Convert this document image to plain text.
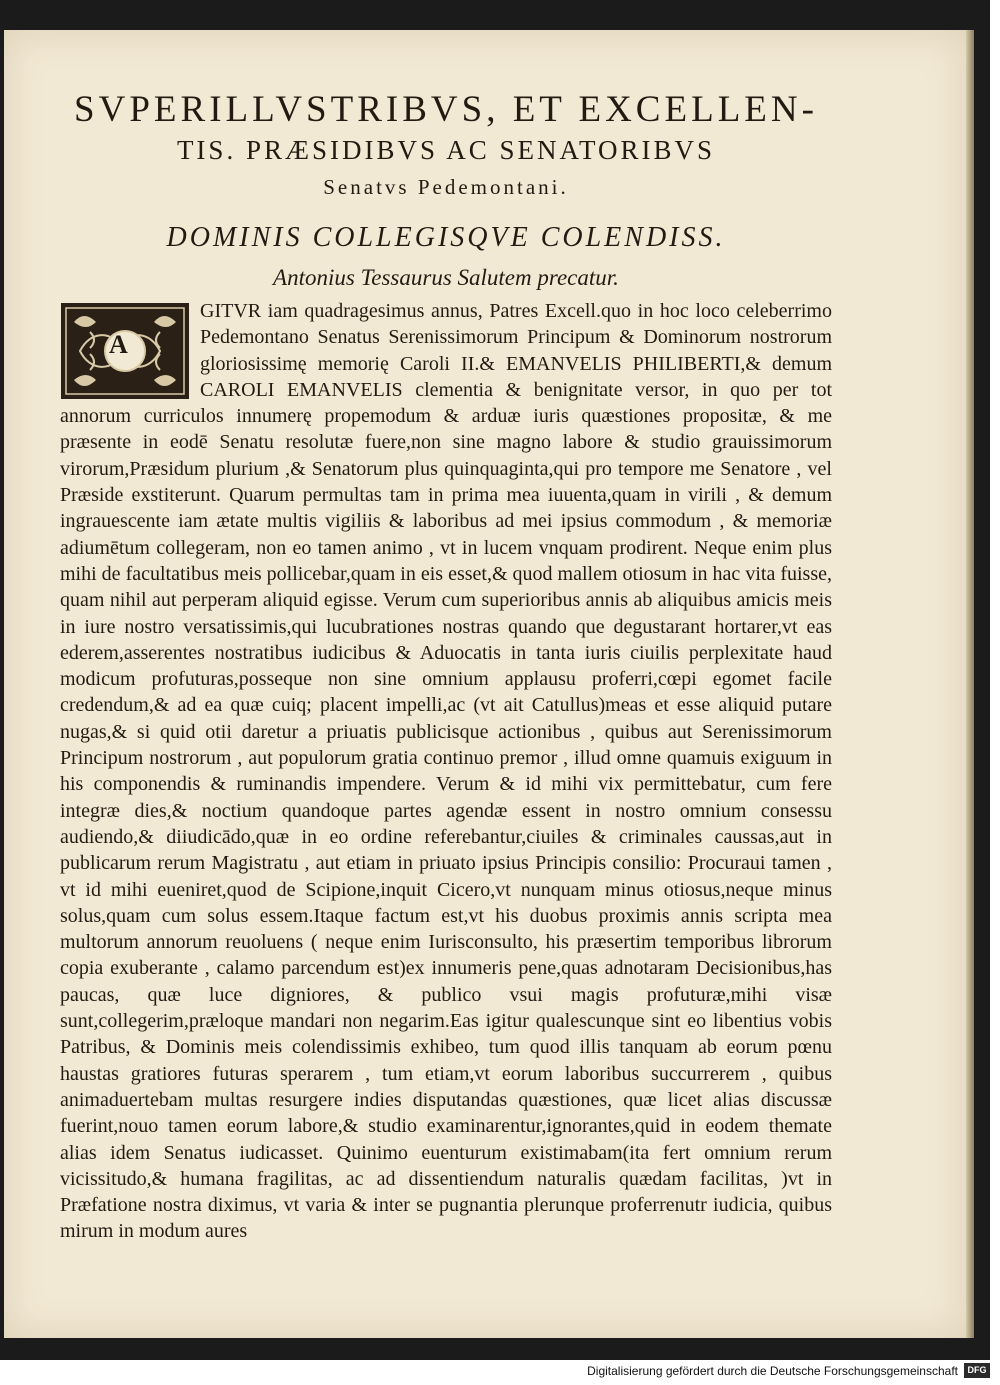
SVPERILLVSTRIBVS, ET EXCELLEN-

TIS. PRÆSIDIBVS AC SENATORIBVS

Senatvs Pedemontani.

DOMINIS COLLEGISQVE COLENDISS.

Antonius Tessaurus Salutem precatur.

A
GITVR iam quadragesimus annus, Patres Excell.quo in hoc loco celeberrimo Pedemontano Senatus Serenissimorum Principum & Dominorum nostrorum gloriosissimę memorię Caroli II.& EMANVELIS PHILIBERTI,& demum CAROLI EMANVELIS clementia & benignitate versor, in quo per tot annorum curriculos innumerę propemodum & arduæ iuris quæstiones propositæ, & me præsente in eodē Senatu resolutæ fuere,non sine magno labore & studio grauissimorum virorum,Præsidum plurium ,& Senatorum plus quinquaginta,qui pro tempore me Senatore , vel Præside exstiterunt. Quarum permultas tam in prima mea iuuenta,quam in virili , & demum ingrauescente iam ætate multis vigiliis & laboribus ad mei ipsius commodum , & memoriæ adiumētum collegeram, non eo tamen animo , vt in lucem vnquam prodirent. Neque enim plus mihi de facultatibus meis pollicebar,quam in eis esset,& quod mallem otiosum in hac vita fuisse, quam nihil aut perperam aliquid egisse. Verum cum superioribus annis ab aliquibus amicis meis in iure nostro versatissimis,qui lucubrationes nostras quando que degustarant hortarer,vt eas ederem,asserentes nostratibus iudicibus & Aduocatis in tanta iuris ciuilis perplexitate haud modicum profuturas,posseque non sine omnium applausu proferri,cœpi egomet facile credendum,& ad ea quæ cuiq; placent impelli,ac (vt ait Catullus)meas et esse aliquid putare nugas,& si quid otii daretur a priuatis publicisque actionibus , quibus aut Serenissimorum Principum nostrorum , aut populorum gratia continuo premor , illud omne quamuis exiguum in his componendis & ruminandis impendere. Verum & id mihi vix permittebatur, cum fere integræ dies,& noctium quandoque partes agendæ essent in nostro omnium consessu audiendo,& diiudicādo,quæ in eo ordine referebantur,ciuiles & criminales caussas,aut in publicarum rerum Magistratu , aut etiam in priuato ipsius Principis consilio: Procuraui tamen , vt id mihi eueniret,quod de Scipione,inquit Cicero,vt nunquam minus otiosus,neque minus solus,quam cum solus essem.Itaque factum est,vt his duobus proximis annis scripta mea multorum annorum reuoluens ( neque enim Iurisconsulto, his præsertim temporibus librorum copia exuberante , calamo parcendum est)ex innumeris pene,quas adnotaram Decisionibus,has paucas, quæ luce digniores, & publico vsui magis profuturæ,mihi visæ sunt,collegerim,præloque mandari non negarim.Eas igitur qualescunque sint eo libentius vobis Patribus, & Dominis meis colendissimis exhibeo, tum quod illis tanquam ab eorum pœnu haustas gratiores futuras sperarem , tum etiam,vt eorum laboribus succurrerem , quibus animaduertebam multas resurgere indies disputandas quæstiones, quæ licet alias discussæ fuerint,nouo tamen eorum labore,& studio examinarentur,ignorantes,quid in eodem themate alias idem Senatus iudicasset. Quinimo euenturum existimabam(ita fert omnium rerum vicissitudo,& humana fragilitas, ac ad dissentiendum naturalis quædam facilitas, )vt in Præfatione nostra diximus, vt varia & inter se pugnantia plerunque proferrenutr iudicia, quibus mirum in modum aures
Digitalisierung gefördert durch die Deutsche Forschungsgemeinschaft	DFG
